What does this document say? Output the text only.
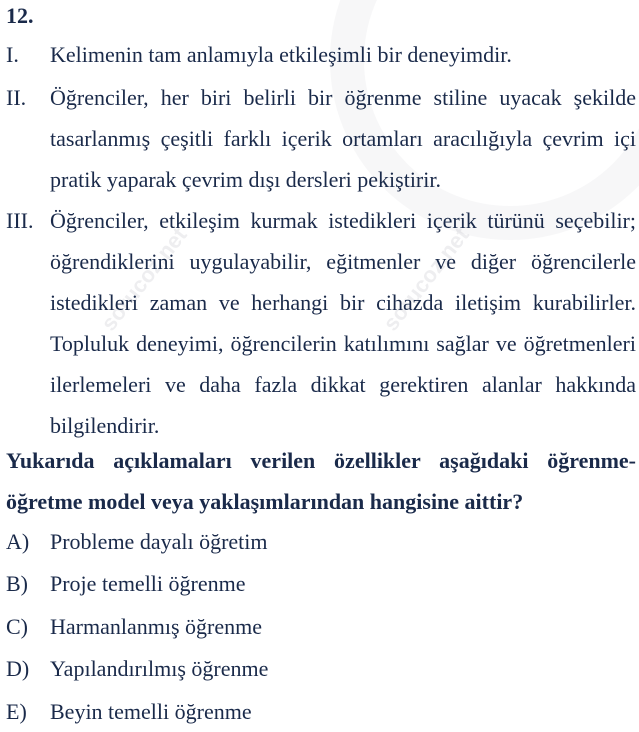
sorucoz.net	sorucoz.net
12.
I. Kelimenin tam anlamıyla etkileşimli bir deneyimdir.
II. Öğrenciler, her biri belirli bir öğrenme stiline uyacak şekilde tasarlanmış çeşitli farklı içerik ortamları aracılığıyla çevrim içi pratik yaparak çevrim dışı dersleri pekiştirir.
III. Öğrenciler, etkileşim kurmak istedikleri içerik türünü seçebilir; öğrendiklerini uygulayabilir, eğitmenler ve diğer öğrencilerle istedikleri zaman ve herhangi bir cihazda iletişim kurabilirler. Topluluk deneyimi, öğrencilerin katılımını sağlar ve öğretmenleri ilerlemeleri ve daha fazla dikkat gerektiren alanlar hakkında bilgilendirir.
Yukarıda açıklamaları verilen özellikler aşağıdaki öğrenme-öğretme model veya yaklaşımlarından hangisine aittir?
A) Probleme dayalı öğretim
B) Proje temelli öğrenme
C) Harmanlanmış öğrenme
D) Yapılandırılmış öğrenme
E) Beyin temelli öğrenme
